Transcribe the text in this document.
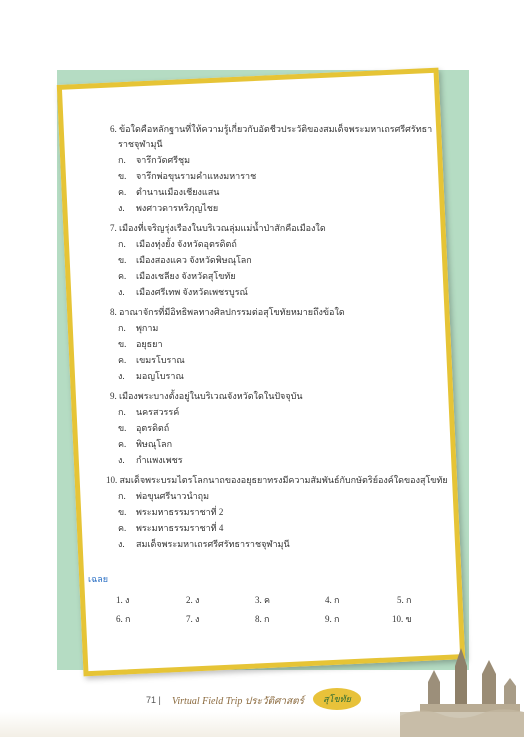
6. ข้อใดคือหลักฐานที่ให้ความรู้เกี่ยวกับอัตชีวประวัติของสมเด็จพระมหาเถรศรีศรัทธา
ราชจุฬามุนี
ก. จารึกวัดศรีชุม
ข. จารึกพ่อขุนรามคำแหงมหาราช
ค. ตำนานเมืองเชียงแสน
ง. พงศาวดารหริภุญไชย
7. เมืองที่เจริญรุ่งเรืองในบริเวณลุ่มแม่น้ำป่าสักคือเมืองใด
ก. เมืองทุ่งยั้ง จังหวัดอุตรดิตถ์
ข. เมืองสองแคว จังหวัดพิษณุโลก
ค. เมืองเชลียง จังหวัดสุโขทัย
ง. เมืองศรีเทพ จังหวัดเพชรบูรณ์
8. อาณาจักรที่มีอิทธิพลทางศิลปกรรมต่อสุโขทัยหมายถึงข้อใด
ก. พุกาม
ข. อยุธยา
ค. เขมรโบราณ
ง. มอญโบราณ
9. เมืองพระบางตั้งอยู่ในบริเวณจังหวัดใดในปัจจุบัน
ก. นครสวรรค์
ข. อุตรดิตถ์
ค. พิษณุโลก
ง. กำแพงเพชร
10. สมเด็จพระบรมไตรโลกนาถของอยุธยาทรงมีความสัมพันธ์กับกษัตริย์องค์ใดของสุโขทัย
ก. พ่อขุนศรีนาวนำถุม
ข. พระมหาธรรมราชาที่ 2
ค. พระมหาธรรมราชาที่ 4
ง. สมเด็จพระมหาเถรศรีศรัทธาราชจุฬามุนี
เฉลย
1. ง	2. ง	3. ค	4. ก	5. ก
6. ก	7. ง	8. ก	9. ก	10. ข
71 | Virtual Field Trip ประวัติศาสตร์	สุโขทัย
